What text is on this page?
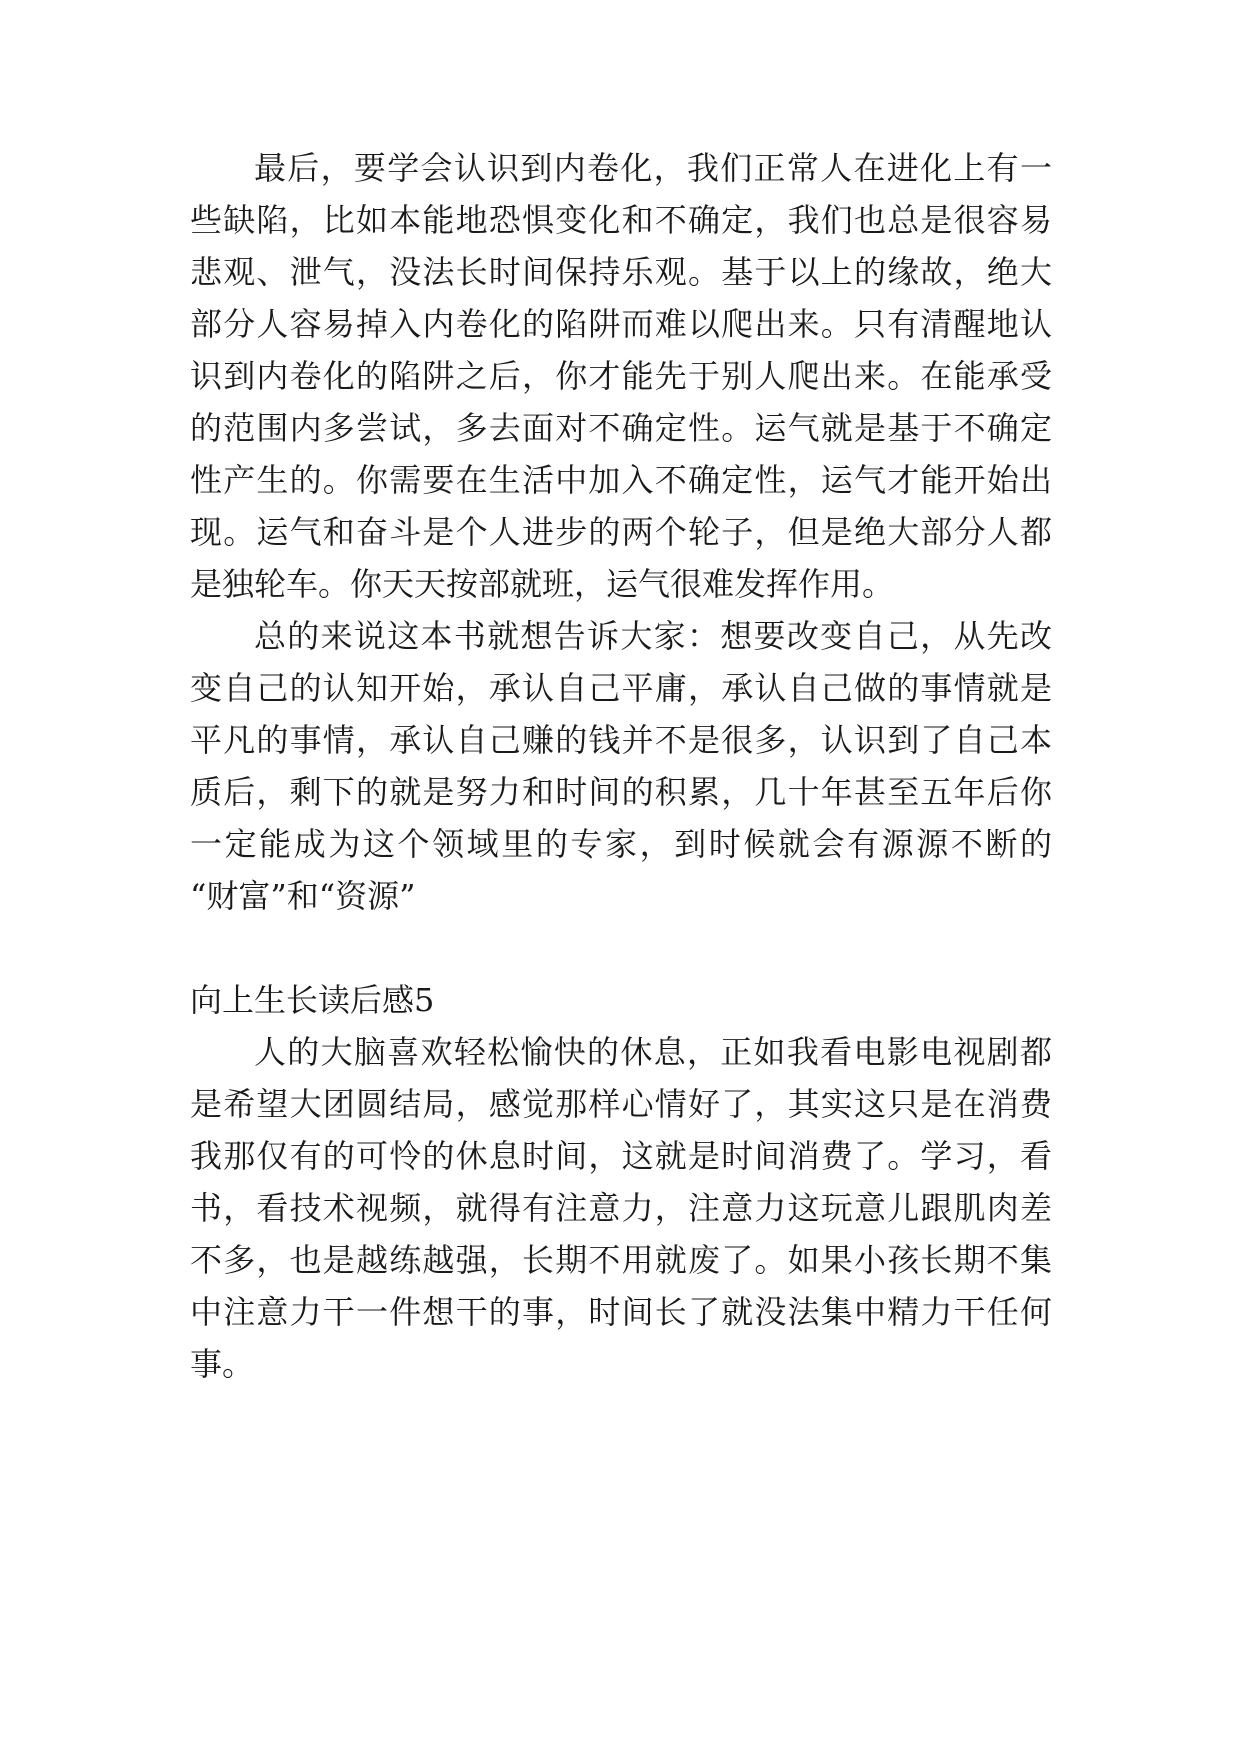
最后，要学会认识到内卷化，我们正常人在进化上有一
些缺陷，比如本能地恐惧变化和不确定，我们也总是很容易
悲观、泄气，没法长时间保持乐观。基于以上的缘故，绝大
部分人容易掉入内卷化的陷阱而难以爬出来。只有清醒地认
识到内卷化的陷阱之后，你才能先于别人爬出来。在能承受
的范围内多尝试，多去面对不确定性。运气就是基于不确定
性产生的。你需要在生活中加入不确定性，运气才能开始出
现。运气和奋斗是个人进步的两个轮子，但是绝大部分人都
是独轮车。你天天按部就班，运气很难发挥作用。
总的来说这本书就想告诉大家：想要改变自己，从先改
变自己的认知开始，承认自己平庸，承认自己做的事情就是
平凡的事情，承认自己赚的钱并不是很多，认识到了自己本
质后，剩下的就是努力和时间的积累，几十年甚至五年后你
一定能成为这个领域里的专家，到时候就会有源源不断的
“财富”和“资源”
向上生长读后感5
人的大脑喜欢轻松愉快的休息，正如我看电影电视剧都
是希望大团圆结局，感觉那样心情好了，其实这只是在消费
我那仅有的可怜的休息时间，这就是时间消费了。学习，看
书，看技术视频，就得有注意力，注意力这玩意儿跟肌肉差
不多，也是越练越强，长期不用就废了。如果小孩长期不集
中注意力干一件想干的事，时间长了就没法集中精力干任何
事。
